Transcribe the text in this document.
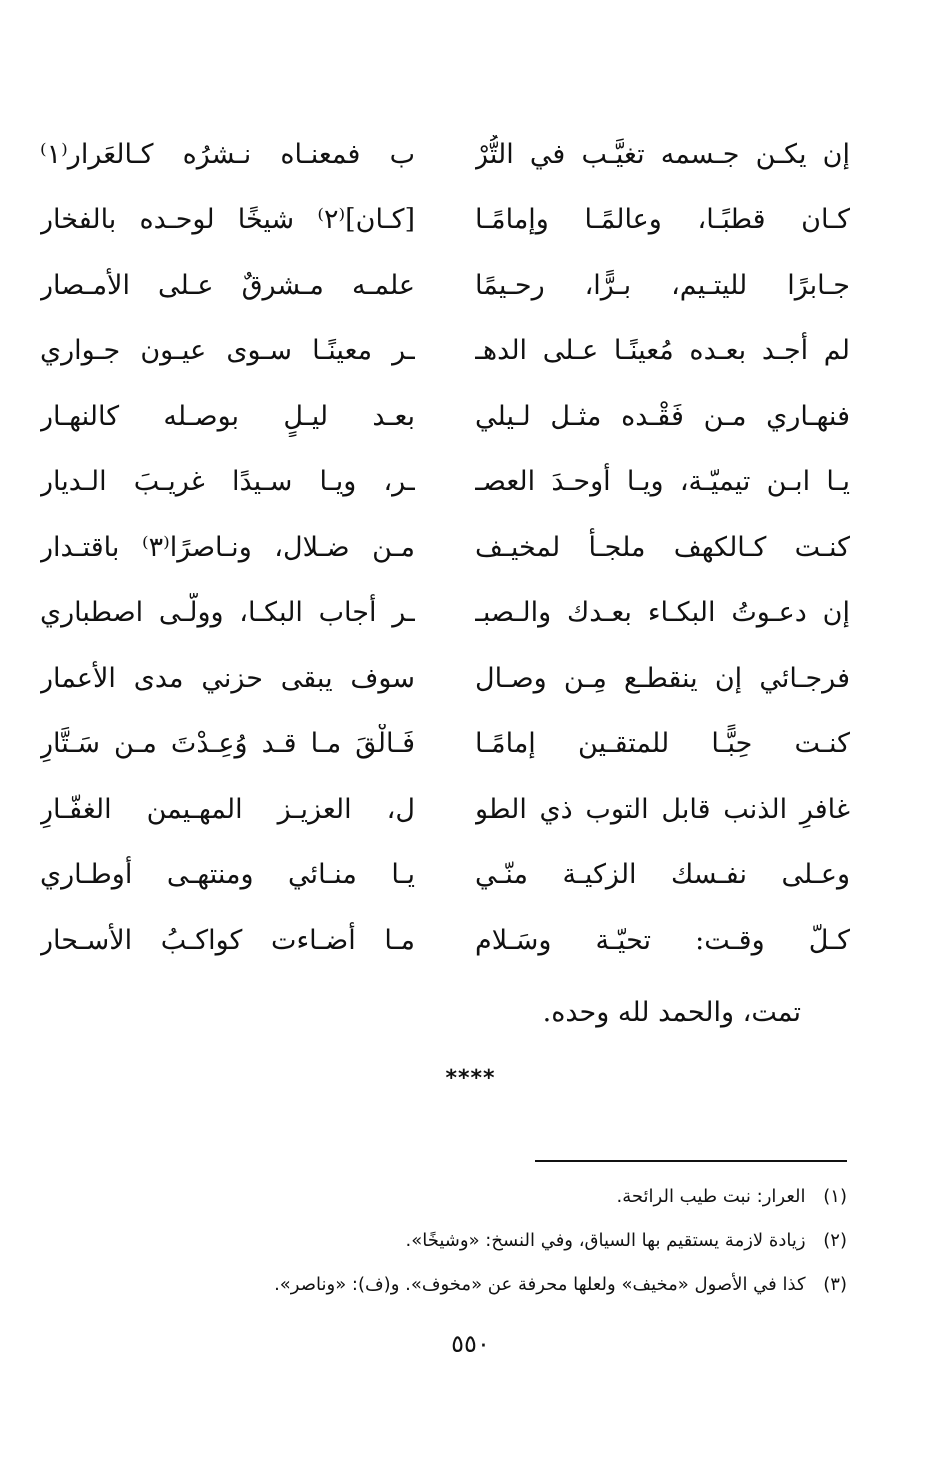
إن يكـن جـسمه تغيَّـب في التُّرْ
ب فمعنـاه نـشرُه كـالعَرار⁽١⁾
كـان قطبًـا، وعالمًـا وإمامًـا
[كـان]⁽٢⁾ شيخًا لوحـده بالفخار
جـابرًا لليتـيم، بـرًّا، رحـيمًا
علمـه مـشرقٌ عـلى الأمـصار
لم أجـد بعـده مُعينًـا عـلى الدهـ
ـر معينًـا سـوى عيـون جـواري
فنهـاري مـن فَقْـده مثـل لـيلي
بعـد ليـلٍ بوصـله كالنهـار
يـا ابـن تيميّـة، ويـا أوحـدَ العصـ
ـر، ويـا سـيدًا غريـبَ الـديار
كنـت كـالكهف ملجـأً لمخيـف
مـن ضـلال، ونـاصرًا⁽٣⁾ باقتـدار
إن دعـوتُ البكـاء بعـدك والـصبـ
ـر أجاب البكـا، وولّـى اصطباري
فرجـائي إن ينقطـع مِـن وصـال
سوف يبقى حزني مدى الأعمار
كنـت حِبًّـا للمتقـين إمامًـا
فَـالْقَ مـا قـد وُعِـدْتَ مـن سَـتَّارِ
غافرِ الذنب قابل التوب ذي الطو
ل، العزيـز المهـيمن الغفّـارِ
وعـلى نفـسك الزكيـة منّـي
يـا منـائي ومنتهـى أوطـاري
كـلّ وقـت: تحيّـة وسَـلام
مـا أضـاءت كواكـبُ الأسـحار
تمت، والحمد لله وحده.
****
(١) العرار: نبت طيب الرائحة.
(٢) زيادة لازمة يستقيم بها السياق، وفي النسخ: «وشيخًا».
(٣) كذا في الأصول «مخيف» ولعلها محرفة عن «مخوف». و(ف): «وناصر».
٥٥٠
